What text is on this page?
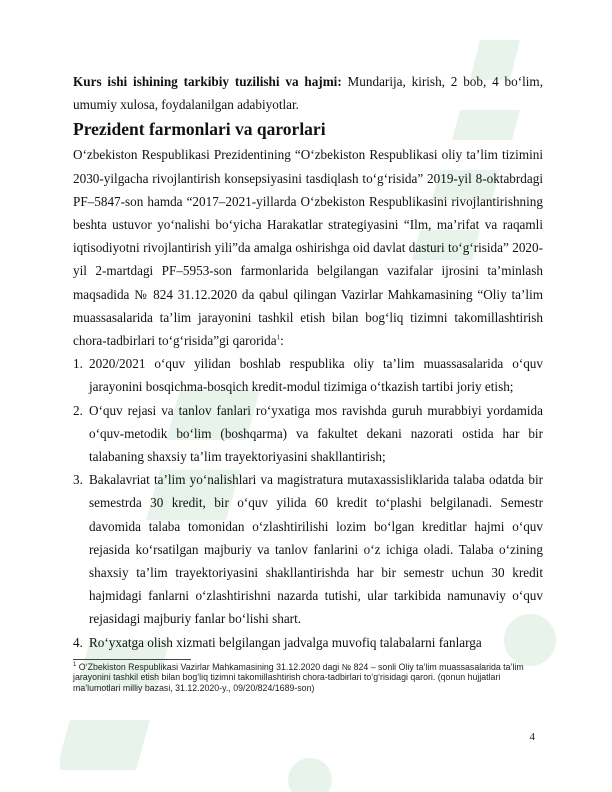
Kurs ishi ishining tarkibiy tuzilishi va hajmi: Mundarija, kirish, 2 bob, 4 bo‘lim, umumiy xulosa, foydalanilgan adabiyotlar.

Prezident farmonlari va qarorlari

O‘zbekiston Respublikasi Prezidentining “O‘zbekiston Respublikasi oliy ta’lim tizimini 2030-yilgacha rivojlantirish konsepsiyasini tasdiqlash to‘g‘risida” 2019-yil 8-oktabrdagi PF–5847-son hamda “2017–2021-yillarda O‘zbekiston Respublikasini rivojlantirishning beshta ustuvor yo‘nalishi bo‘yicha Harakatlar strategiyasini “Ilm, ma’rifat va raqamli iqtisodiyotni rivojlantirish yili”da amalga oshirishga oid davlat dasturi to‘g‘risida” 2020-yil 2-martdagi PF–5953-son farmonlarida belgilangan vazifalar ijrosini ta’minlash maqsadida № 824 31.12.2020 da qabul qilingan Vazirlar Mahkamasining “Oliy ta’lim muassasalarida ta’lim jarayonini tashkil etish bilan bog‘liq tizimni takomillashtirish chora-tadbirlari to‘g‘risida”gi qarorida$^1$:

1. 2020/2021 o‘quv yilidan boshlab respublika oliy ta’lim muassasalarida o‘quv jarayonini bosqichma-bosqich kredit-modul tizimiga o‘tkazish tartibi joriy etish;
2. O‘quv rejasi va tanlov fanlari ro‘yxatiga mos ravishda guruh murabbiyi yordamida o‘quv-metodik bo‘lim (boshqarma) va fakultet dekani nazorati ostida har bir talabaning shaxsiy ta’lim trayektoriyasini shakllantirish;
3. Bakalavriat ta’lim yo‘nalishlari va magistratura mutaxassisliklarida talaba odatda bir semestrda 30 kredit, bir o‘quv yilida 60 kredit to‘plashi belgilanadi. Semestr davomida talaba tomonidan o‘zlashtirilishi lozim bo‘lgan kreditlar hajmi o‘quv rejasida ko‘rsatilgan majburiy va tanlov fanlarini o‘z ichiga oladi. Talaba o‘zining shaxsiy ta’lim trayektoriyasini shakllantirishda har bir semestr uchun 30 kredit hajmidagi fanlarni o‘zlashtirishni nazarda tutishi, ular tarkibida namunaviy o‘quv rejasidagi majburiy fanlar bo‘lishi shart.
4. Ro‘yxatga olish xizmati belgilangan jadvalga muvofiq talabalarni fanlarga

$^1$ O‘Zbekiston Respublikasi Vazirlar Mahkamasining 31.12.2020 dagi № 824 – sonli Oliy ta’lim muassasalarida ta’lim jarayonini tashkil etish bilan bog‘liq tizimni takomillashtirish chora-tadbirlari to‘g‘risidagi qarori. (qonun hujjatlari ma’lumotlari milliy bazasi, 31.12.2020-y., 09/20/824/1689-son)

4
